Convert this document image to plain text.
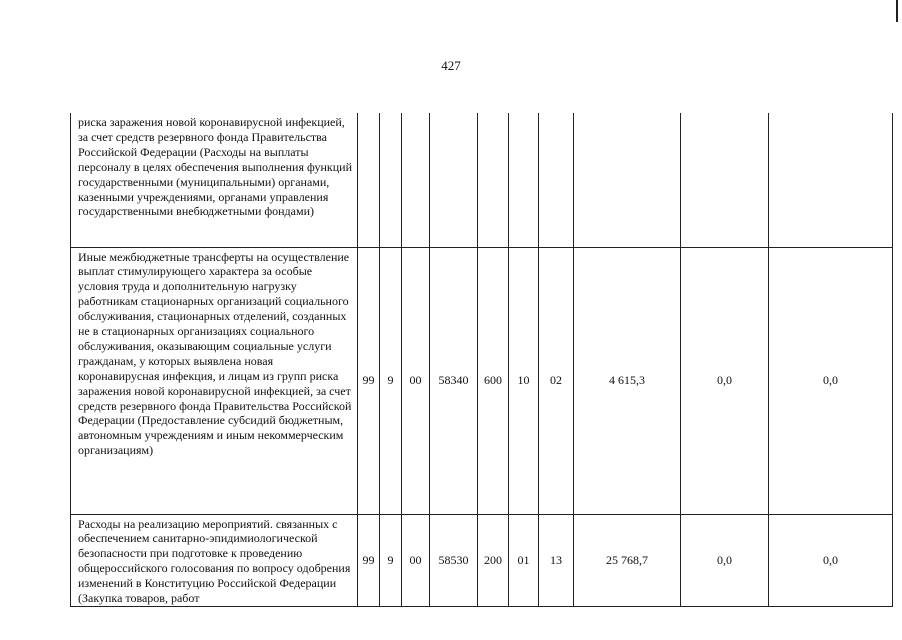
427
риска заражения новой коронавирусной инфекцией, за счет средств резервного фонда Правительства Российской Федерации (Расходы на выплаты персоналу в целях обеспечения выполнения функций государственными (муниципальными) органами, казенными учреждениями, органами управления государственными внебюджетными фондами)										
Иные межбюджетные трансферты на осуществление выплат стимулирующего характера за особые условия труда и дополнительную нагрузку работникам стационарных организаций социального обслуживания, стационарных отделений, созданных не в стационарных организациях социального обслуживания, оказывающим социальные услуги гражданам, у которых выявлена новая коронавирусная инфекция, и лицам из групп риска заражения новой коронавирусной инфекцией, за счет средств резервного фонда Правительства Российской Федерации (Предоставление субсидий бюджетным, автономным учреждениям и иным некоммерческим организациям)	99	9	00	58340	600	10	02	4 615,3	0,0	0,0
Расходы на реализацию мероприятий. связанных с обеспечением санитарно-эпидимиологической безопасности при подготовке к проведению общероссийского голосования по вопросу одобрения изменений в Конституцию Российской Федерации (Закупка товаров, работ	99	9	00	58530	200	01	13	25 768,7	0,0	0,0
